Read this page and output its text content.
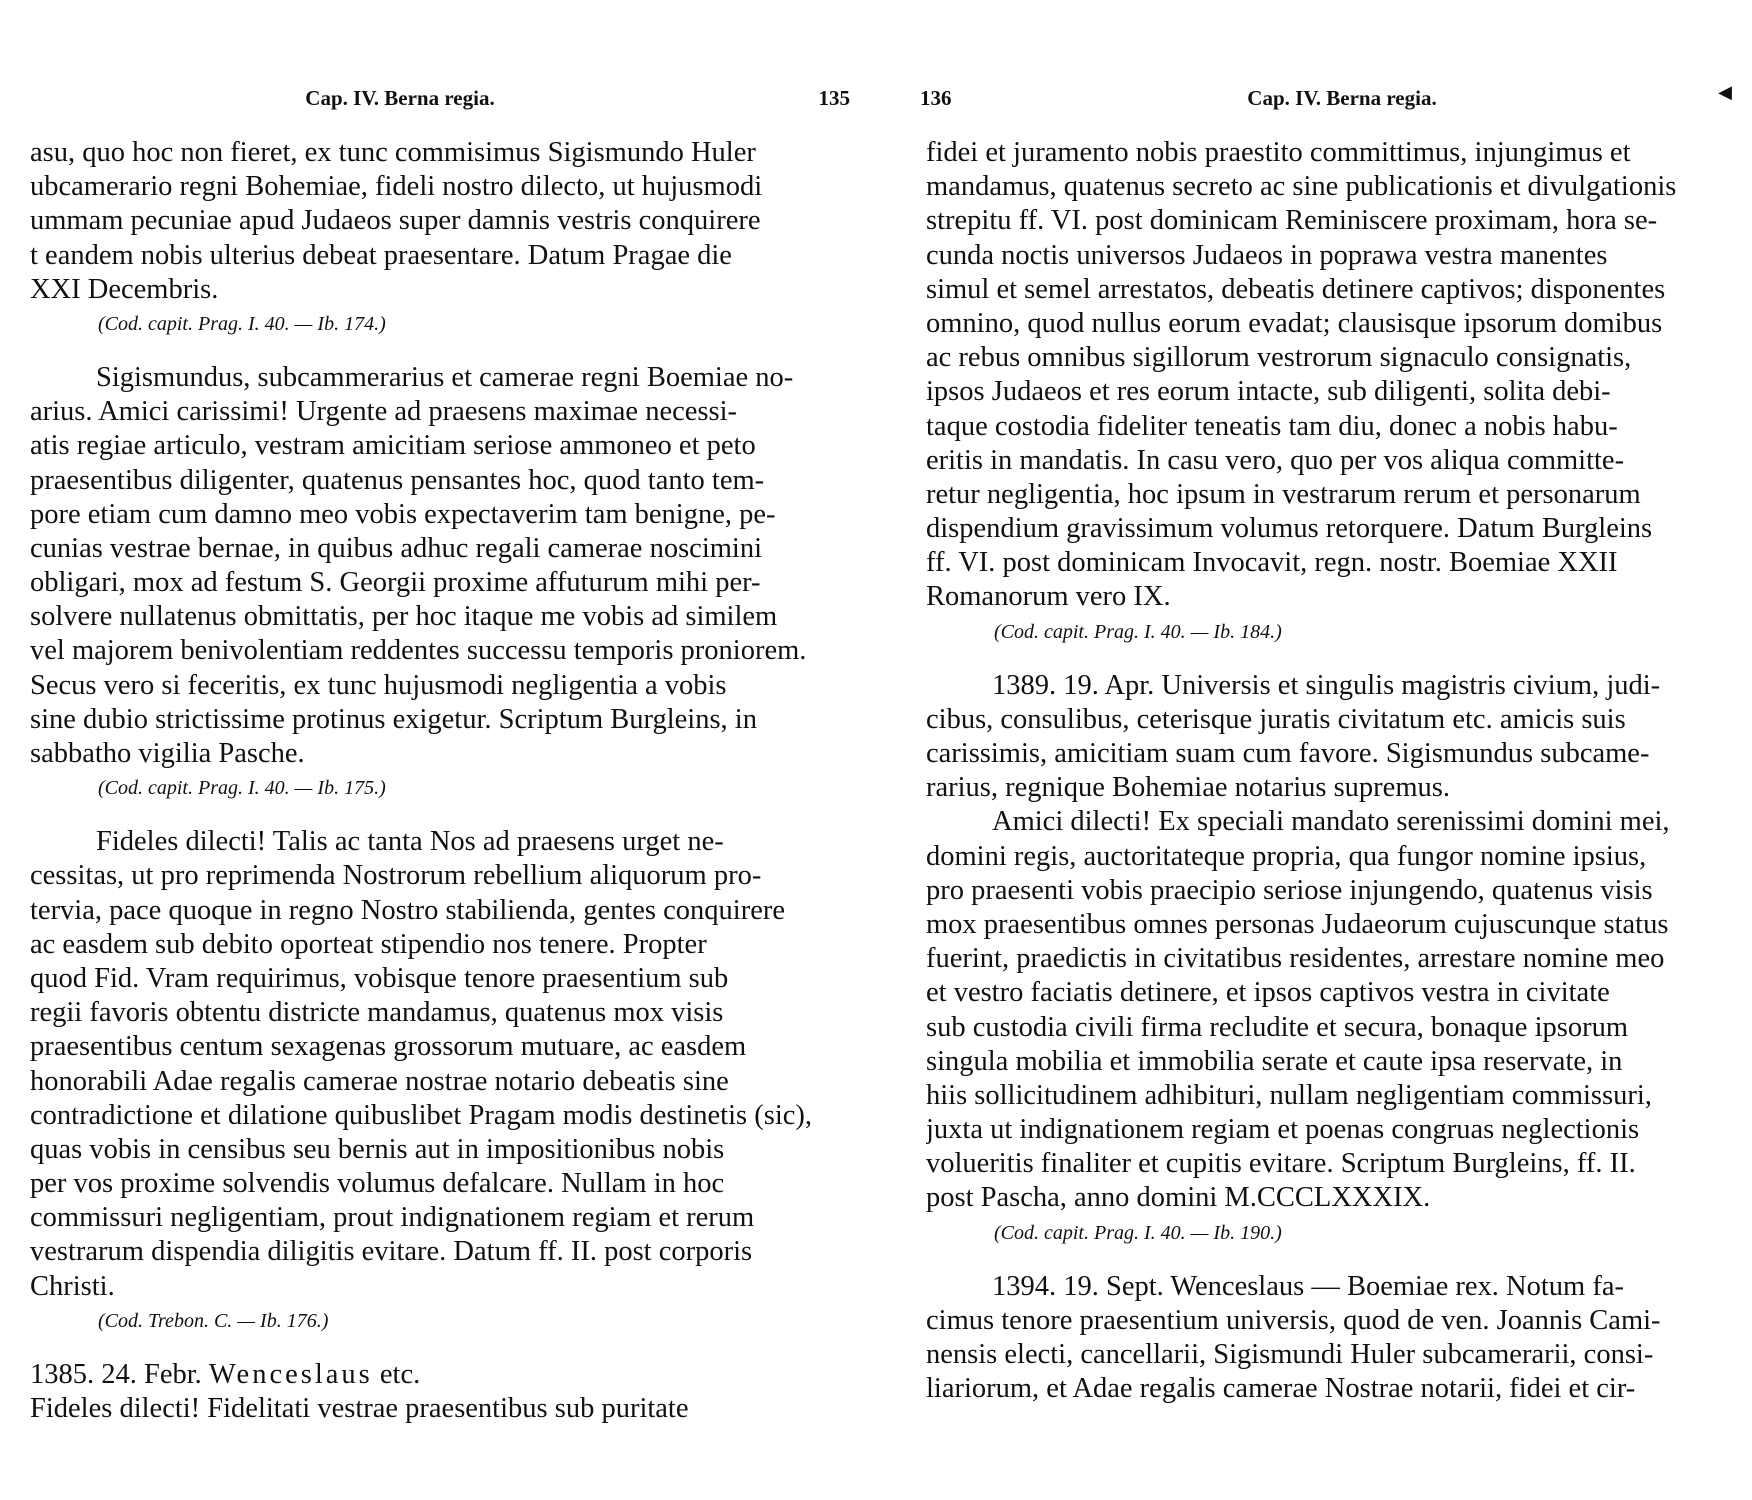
Cap. IV. Berna regia.	135
asu, quo hoc non fieret, ex tunc commisimus Sigismundo Huler
ubcamerario regni Bohemiae, fideli nostro dilecto, ut hujusmodi
ummam pecuniae apud Judaeos super damnis vestris conquirere
t eandem nobis ulterius debeat praesentare. Datum Pragae die
XXI Decembris.
(Cod. capit. Prag. I. 40. — Ib. 174.)
Sigismundus, subcammerarius et camerae regni Boemiae no-
arius. Amici carissimi! Urgente ad praesens maximae necessi-
atis regiae articulo, vestram amicitiam seriose ammoneo et peto
praesentibus diligenter, quatenus pensantes hoc, quod tanto tem-
pore etiam cum damno meo vobis expectaverim tam benigne, pe-
cunias vestrae bernae, in quibus adhuc regali camerae noscimini
obligari, mox ad festum S. Georgii proxime affuturum mihi per-
solvere nullatenus obmittatis, per hoc itaque me vobis ad similem
vel majorem benivolentiam reddentes successu temporis proniorem.
Secus vero si feceritis, ex tunc hujusmodi negligentia a vobis
sine dubio strictissime protinus exigetur. Scriptum Burgleins, in
sabbatho vigilia Pasche.
(Cod. capit. Prag. I. 40. — Ib. 175.)
Fideles dilecti! Talis ac tanta Nos ad praesens urget ne-
cessitas, ut pro reprimenda Nostrorum rebellium aliquorum pro-
tervia, pace quoque in regno Nostro stabilienda, gentes conquirere
ac easdem sub debito oporteat stipendio nos tenere. Propter
quod Fid. Vram requirimus, vobisque tenore praesentium sub
regii favoris obtentu districte mandamus, quatenus mox visis
praesentibus centum sexagenas grossorum mutuare, ac easdem
honorabili Adae regalis camerae nostrae notario debeatis sine
contradictione et dilatione quibuslibet Pragam modis destinetis (sic),
quas vobis in censibus seu bernis aut in impositionibus nobis
per vos proxime solvendis volumus defalcare. Nullam in hoc
commissuri negligentiam, prout indignationem regiam et rerum
vestrarum dispendia diligitis evitare. Datum ff. II. post corporis
Christi.
(Cod. Trebon. C. — Ib. 176.)
1385. 24. Febr. Wenceslaus etc.
Fideles dilecti! Fidelitati vestrae praesentibus sub puritate
136	Cap. IV. Berna regia.	◀
fidei et juramento nobis praestito committimus, injungimus et
mandamus, quatenus secreto ac sine publicationis et divulgationis
strepitu ff. VI. post dominicam Reminiscere proximam, hora se-
cunda noctis universos Judaeos in poprawa vestra manentes
simul et semel arrestatos, debeatis detinere captivos; disponentes
omnino, quod nullus eorum evadat; clausisque ipsorum domibus
ac rebus omnibus sigillorum vestrorum signaculo consignatis,
ipsos Judaeos et res eorum intacte, sub diligenti, solita debi-
taque costodia fideliter teneatis tam diu, donec a nobis habu-
eritis in mandatis. In casu vero, quo per vos aliqua committe-
retur negligentia, hoc ipsum in vestrarum rerum et personarum
dispendium gravissimum volumus retorquere. Datum Burgleins
ff. VI. post dominicam Invocavit, regn. nostr. Boemiae XXII
Romanorum vero IX.
(Cod. capit. Prag. I. 40. — Ib. 184.)
1389. 19. Apr. Universis et singulis magistris civium, judi-
cibus, consulibus, ceterisque juratis civitatum etc. amicis suis
carissimis, amicitiam suam cum favore. Sigismundus subcame-
rarius, regnique Bohemiae notarius supremus.
Amici dilecti! Ex speciali mandato serenissimi domini mei,
domini regis, auctoritateque propria, qua fungor nomine ipsius,
pro praesenti vobis praecipio seriose injungendo, quatenus visis
mox praesentibus omnes personas Judaeorum cujuscunque status
fuerint, praedictis in civitatibus residentes, arrestare nomine meo
et vestro faciatis detinere, et ipsos captivos vestra in civitate
sub custodia civili firma recludite et secura, bonaque ipsorum
singula mobilia et immobilia serate et caute ipsa reservate, in
hiis sollicitudinem adhibituri, nullam negligentiam commissuri,
juxta ut indignationem regiam et poenas congruas neglectionis
volueritis finaliter et cupitis evitare. Scriptum Burgleins, ff. II.
post Pascha, anno domini M.CCCLXXXIX.
(Cod. capit. Prag. I. 40. — Ib. 190.)
1394. 19. Sept. Wenceslaus — Boemiae rex. Notum fa-
cimus tenore praesentium universis, quod de ven. Joannis Cami-
nensis electi, cancellarii, Sigismundi Huler subcamerarii, consi-
liariorum, et Adae regalis camerae Nostrae notarii, fidei et cir-
